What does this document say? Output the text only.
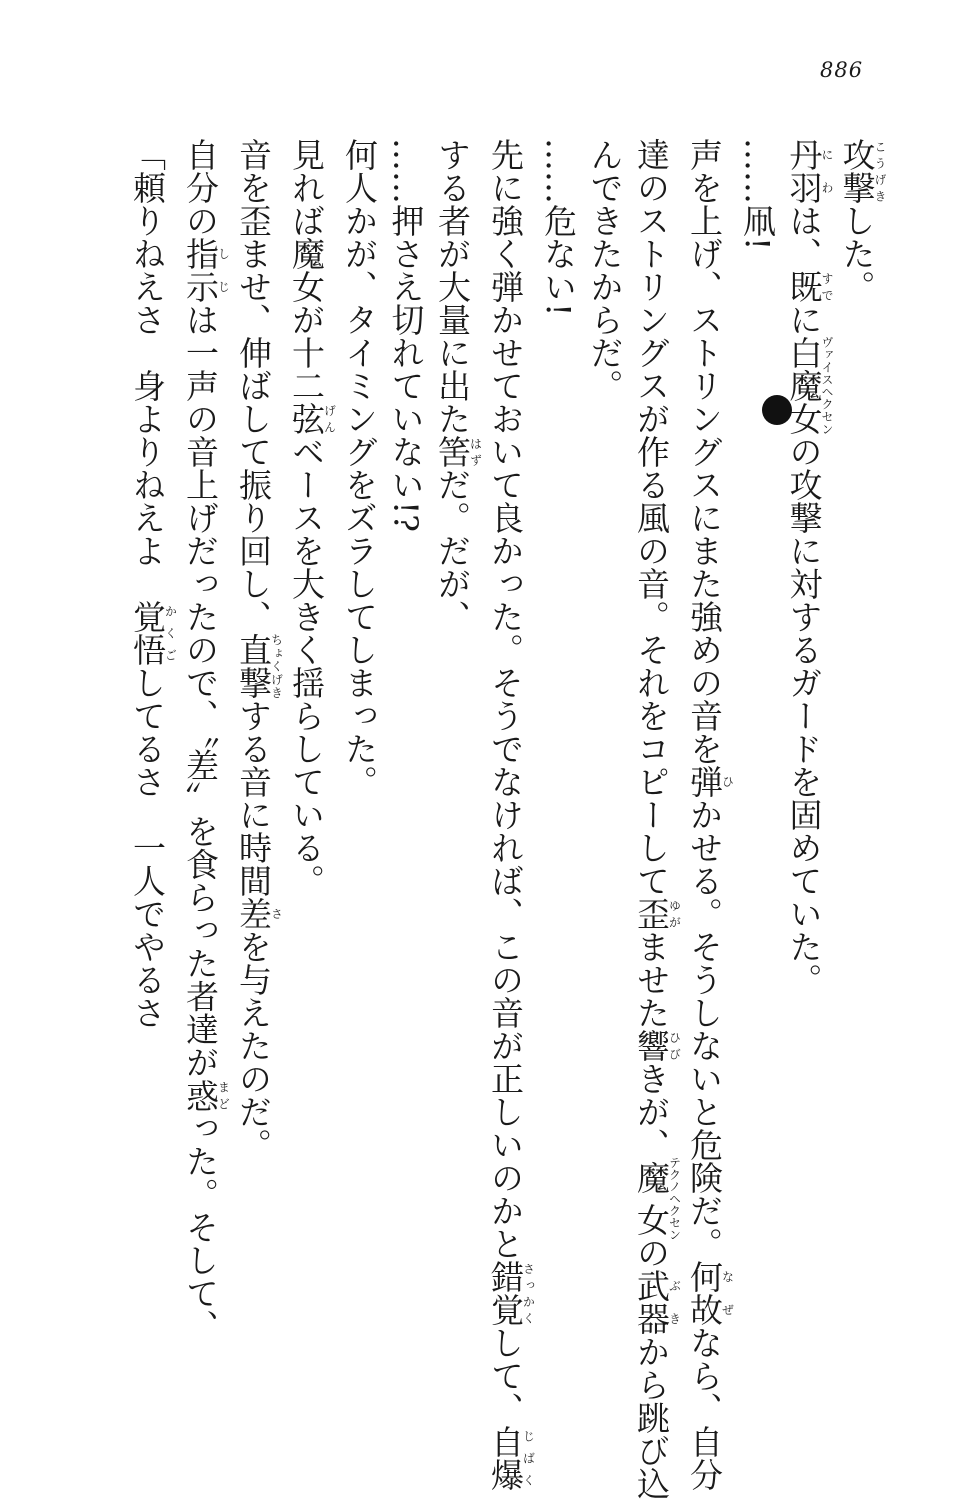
886
攻撃こうげきした。
丹羽にわは、既すでに白魔女ヴァイスヘクセンの攻撃に対するガードを固めていた。
……凧!
声を上げ、ストリングスにまた強めの音を弾ひかせる。そうしないと危険だ。何故なぜなら、自分
達のストリングスが作る風の音。それをコピーして歪ゆがませた響ひびきが、魔女テクノヘクセンの武器ぶきから跳び込
んできたからだ。
……危ない!
先に強く弾かせておいて良かった。そうでなければ、この音が正しいのかと錯覚さっかくして、自爆じばく
する者が大量に出た筈はずだ。だが、
……押さえ切れていない!?
何人かが、タイミングをズラしてしまった。
見れば魔女が十二弦げんベースを大きく揺らしている。
音を歪ませ、伸ばして振り回し、直撃ちょくげきする音に時間差さを与えたのだ。
自分の指示しじは一声の音上げだったので、〝差〟を食らった者達が惑まどった。そして、
「頼りねえさ　身よりねえよ　覚悟かくごしてるさ　一人でやるさ
